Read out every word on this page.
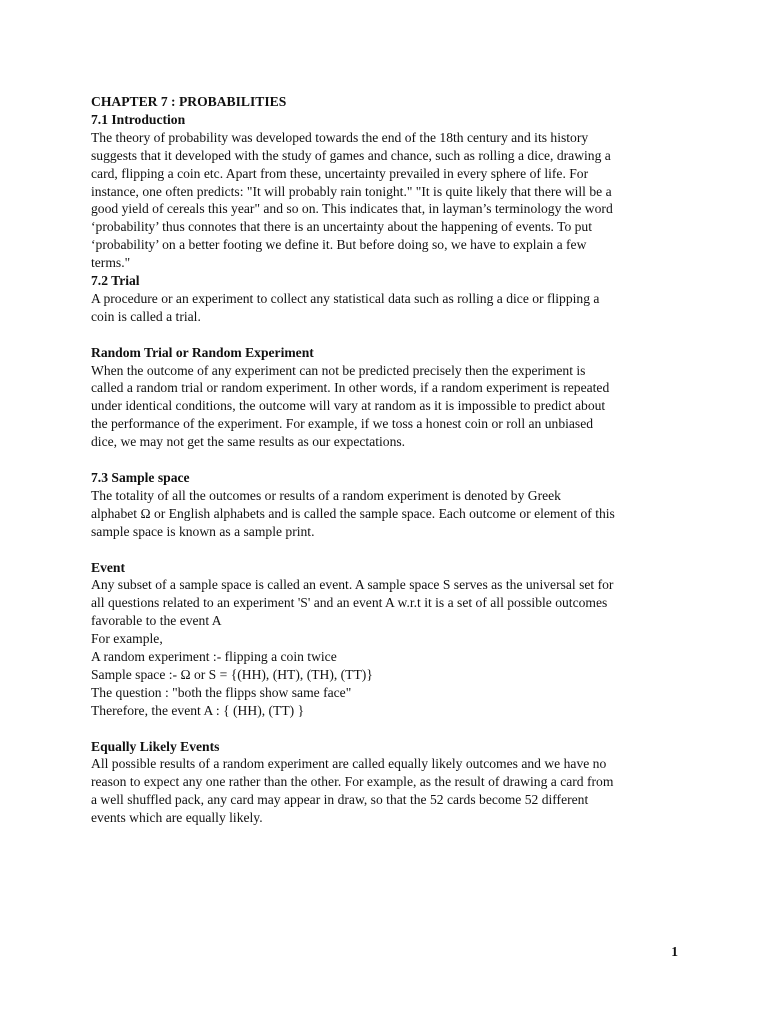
CHAPTER 7 : PROBABILITIES
7.1 Introduction
The theory of probability was developed towards the end of the 18th century and its history
suggests that it developed with the study of games and chance, such as rolling a dice, drawing a
card, flipping a coin etc. Apart from these, uncertainty prevailed in every sphere of life. For
instance, one often predicts: "It will probably rain tonight." "It is quite likely that there will be a
good yield of cereals this year" and so on. This indicates that, in layman’s terminology the word
‘probability’ thus connotes that there is an uncertainty about the happening of events. To put
‘probability’ on a better footing we define it. But before doing so, we have to explain a few
terms."
7.2 Trial
A procedure or an experiment to collect any statistical data such as rolling a dice or flipping a
coin is called a trial.
Random Trial or Random Experiment
When the outcome of any experiment can not be predicted precisely then the experiment is
called a random trial or random experiment. In other words, if a random experiment is repeated
under identical conditions, the outcome will vary at random as it is impossible to predict about
the performance of the experiment. For example, if we toss a honest coin or roll an unbiased
dice, we may not get the same results as our expectations.
7.3 Sample space
The totality of all the outcomes or results of a random experiment is denoted by Greek
alphabet Ω or English alphabets and is called the sample space. Each outcome or element of this
sample space is known as a sample print.
Event
Any subset of a sample space is called an event. A sample space S serves as the universal set for
all questions related to an experiment 'S' and an event A w.r.t it is a set of all possible outcomes
favorable to the event A
For example,
A random experiment :- flipping a coin twice
Sample space :- Ω or S = {(HH), (HT), (TH), (TT)}
The question : "both the flipps show same face"
Therefore, the event A : { (HH), (TT) }
Equally Likely Events
All possible results of a random experiment are called equally likely outcomes and we have no
reason to expect any one rather than the other. For example, as the result of drawing a card from
a well shuffled pack, any card may appear in draw, so that the 52 cards become 52 different
events which are equally likely.
1
